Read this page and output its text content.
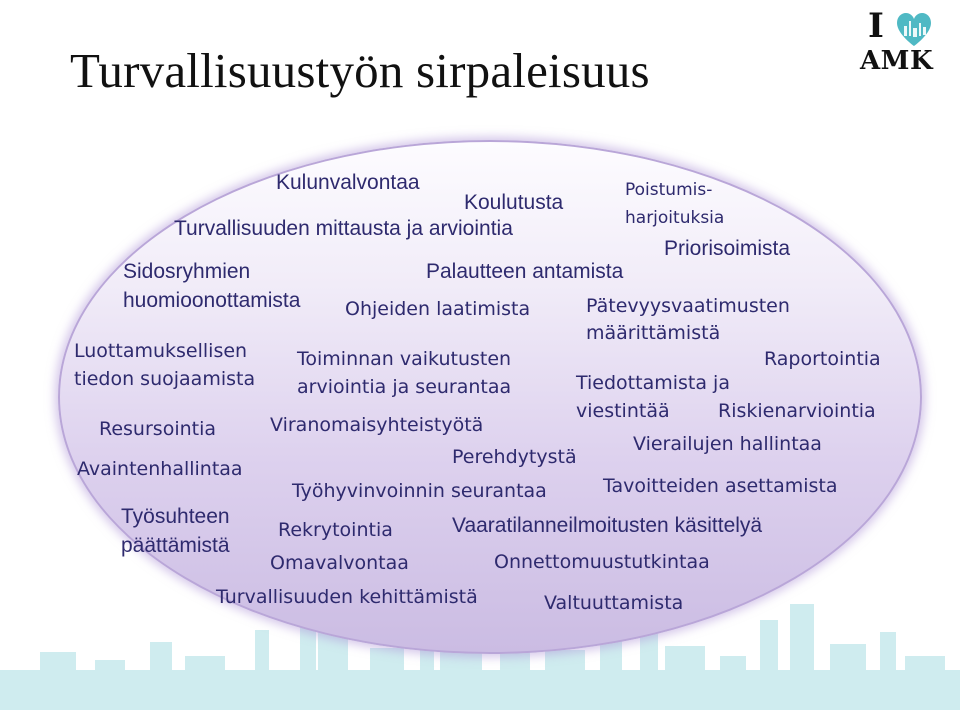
Turvallisuustyön sirpaleisuus
I
AMK
Kulunvalvontaa
Koulutusta
Poistumis-
harjoituksia
Turvallisuuden mittausta ja arviointia
Priorisoimista
Sidosryhmien	Palautteen antamista
huomioonottamista Ohjeiden laatimista	Pätevyysvaatimusten
määrittämistä
Luottamuksellisen	Toiminnan vaikutusten	Raportointia
tiedon suojaamista	Tiedottamista ja
arviointia ja seurantaa
viestintää	Riskienarviointia
Resursointia	Viranomaisyhteistyötä
Vierailujen hallintaa
Perehdytystä
Avaintenhallintaa
Työhyvinvoinnin seurantaa	Tavoitteiden asettamista
Työsuhteen	Vaaratilanneilmoitusten käsittelyä
Rekrytointia
päättämistä
Omavalvontaa	Onnettomuustutkintaa
Turvallisuuden kehittämistä	Valtuuttamista
